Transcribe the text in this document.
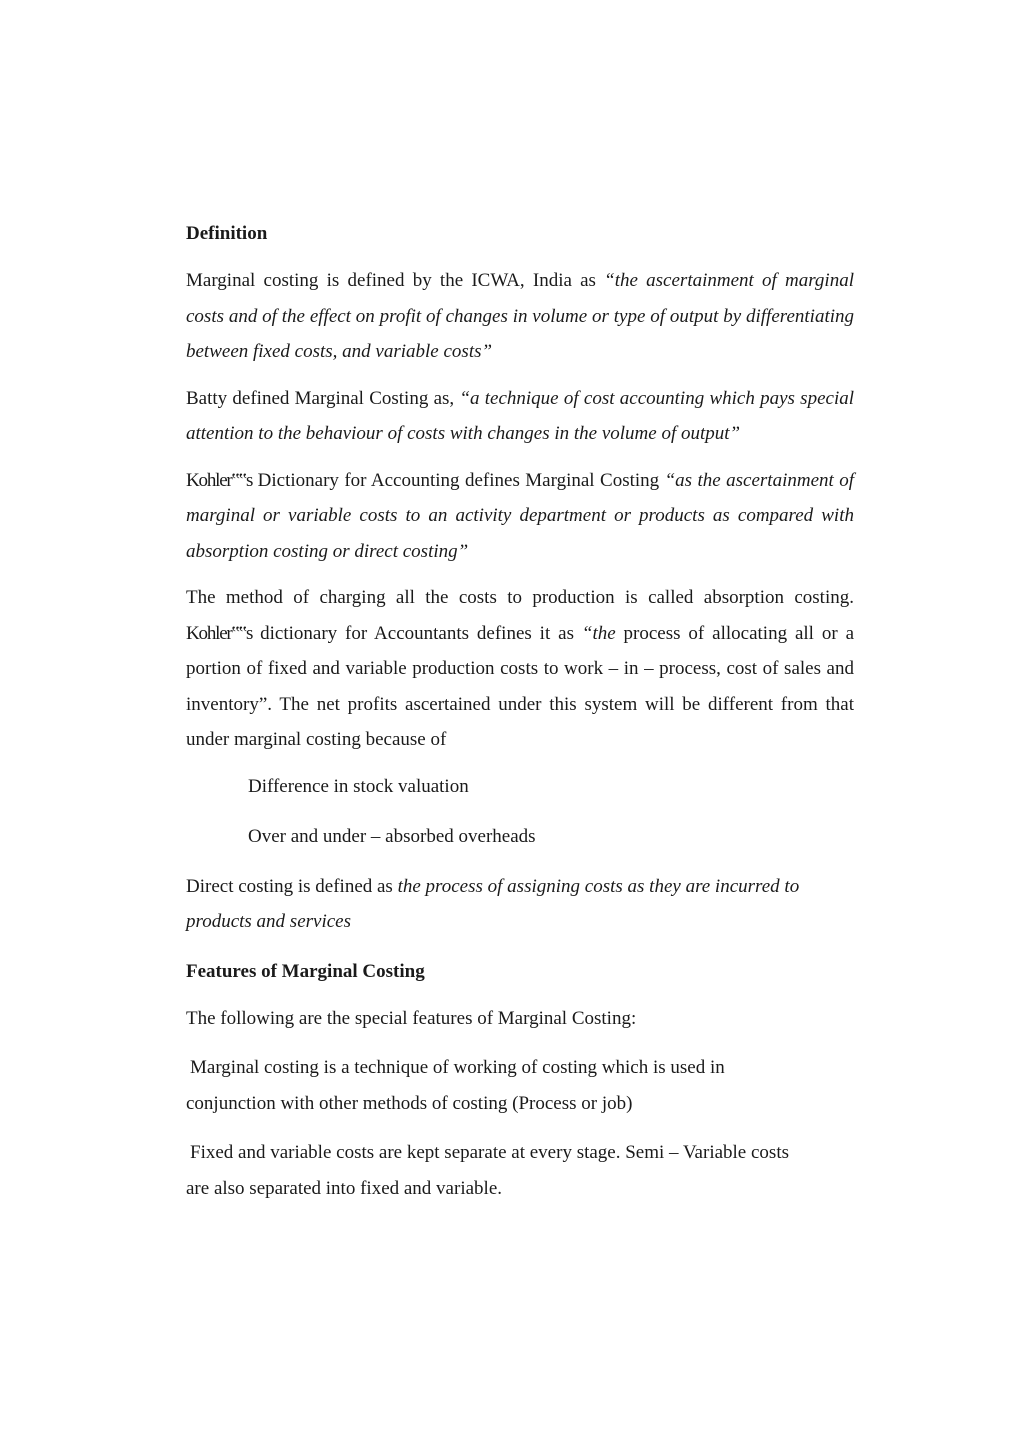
Definition

Marginal costing is defined by the ICWA, India as “the ascertainment of marginal costs and of the effect on profit of changes in volume or type of output by differentiating between fixed costs, and variable costs”

Batty defined Marginal Costing as, “a technique of cost accounting which pays special attention to the behaviour of costs with changes in the volume of output”

Kohler‟‟s Dictionary for Accounting defines Marginal Costing “as the ascertainment of marginal or variable costs to an activity department or products as compared with absorption costing or direct costing”

The method of charging all the costs to production is called absorption costing. Kohler‟‟s dictionary for Accountants defines it as “the process of allocating all or a portion of fixed and variable production costs to work – in – process, cost of sales and inventory”. The net profits ascertained under this system will be different from that under marginal costing because of

Difference in stock valuation
Over and under – absorbed overheads

Direct costing is defined as the process of assigning costs as they are incurred to products and services

Features of Marginal Costing

The following are the special features of Marginal Costing:

Marginal costing is a technique of working of costing which is used in
conjunction with other methods of costing (Process or job)

Fixed and variable costs are kept separate at every stage. Semi – Variable costs
are also separated into fixed and variable.
